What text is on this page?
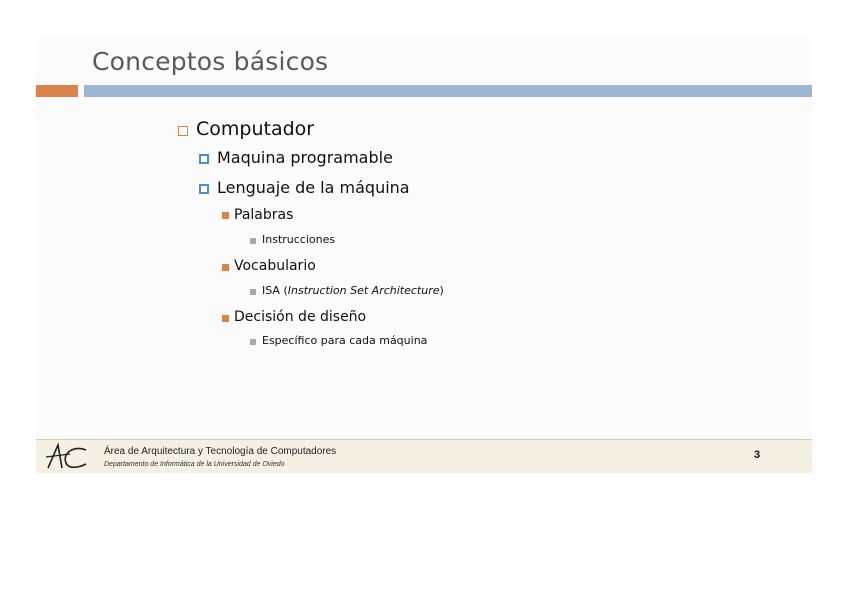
Conceptos básicos
Computador
Maquina programable
Lenguaje de la máquina
Palabras
Instrucciones
Vocabulario
ISA (Instruction Set Architecture)
Decisión de diseño
Específico para cada máquina
Área de Arquitectura y Tecnología de Computadores
Departamento de Informática de la Universidad de Oviedo
3
